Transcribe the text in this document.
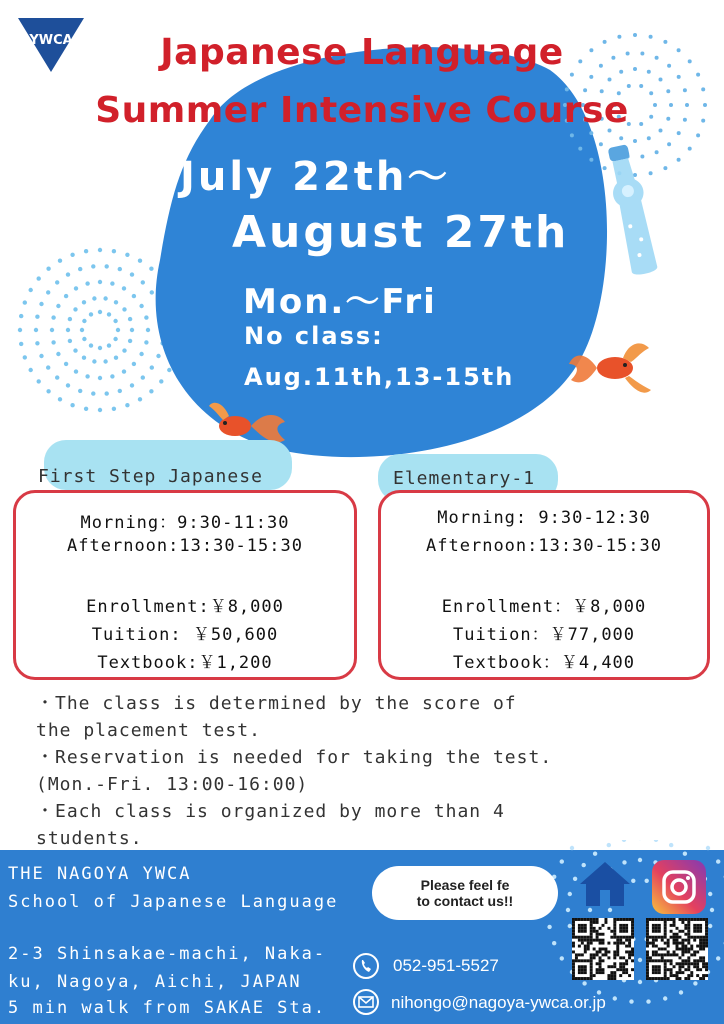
YWCA	Japanese Language
Summer Intensive Course
July 22th～
August 27th
Mon.～Fri
No class:
Aug.11th,13-15th
First Step Japanese
Morning：9:30-11:30
Afternoon:13:30-15:30
Enrollment:￥8,000
Tuition: ￥50,600
Textbook:￥1,200
Elementary-1
Morning: 9:30-12:30
Afternoon:13:30-15:30
Enrollment：￥8,000
Tuition：￥77,000
Textbook：￥4,400

・The class is determined by the score of

the placement test.

・Reservation is needed for taking the test.

(Mon.-Fri. 13:00-16:00)

・Each class is organized by more than 4

students.

THE NAGOYA YWCA
School of Japanese Language
2-3 Shinsakae-machi, Naka-
ku, Nagoya, Aichi, JAPAN
5 min walk from SAKAE Sta.
Please feel fe
to contact us!!
052-951-5527
nihongo@nagoya-ywca.or.jp
